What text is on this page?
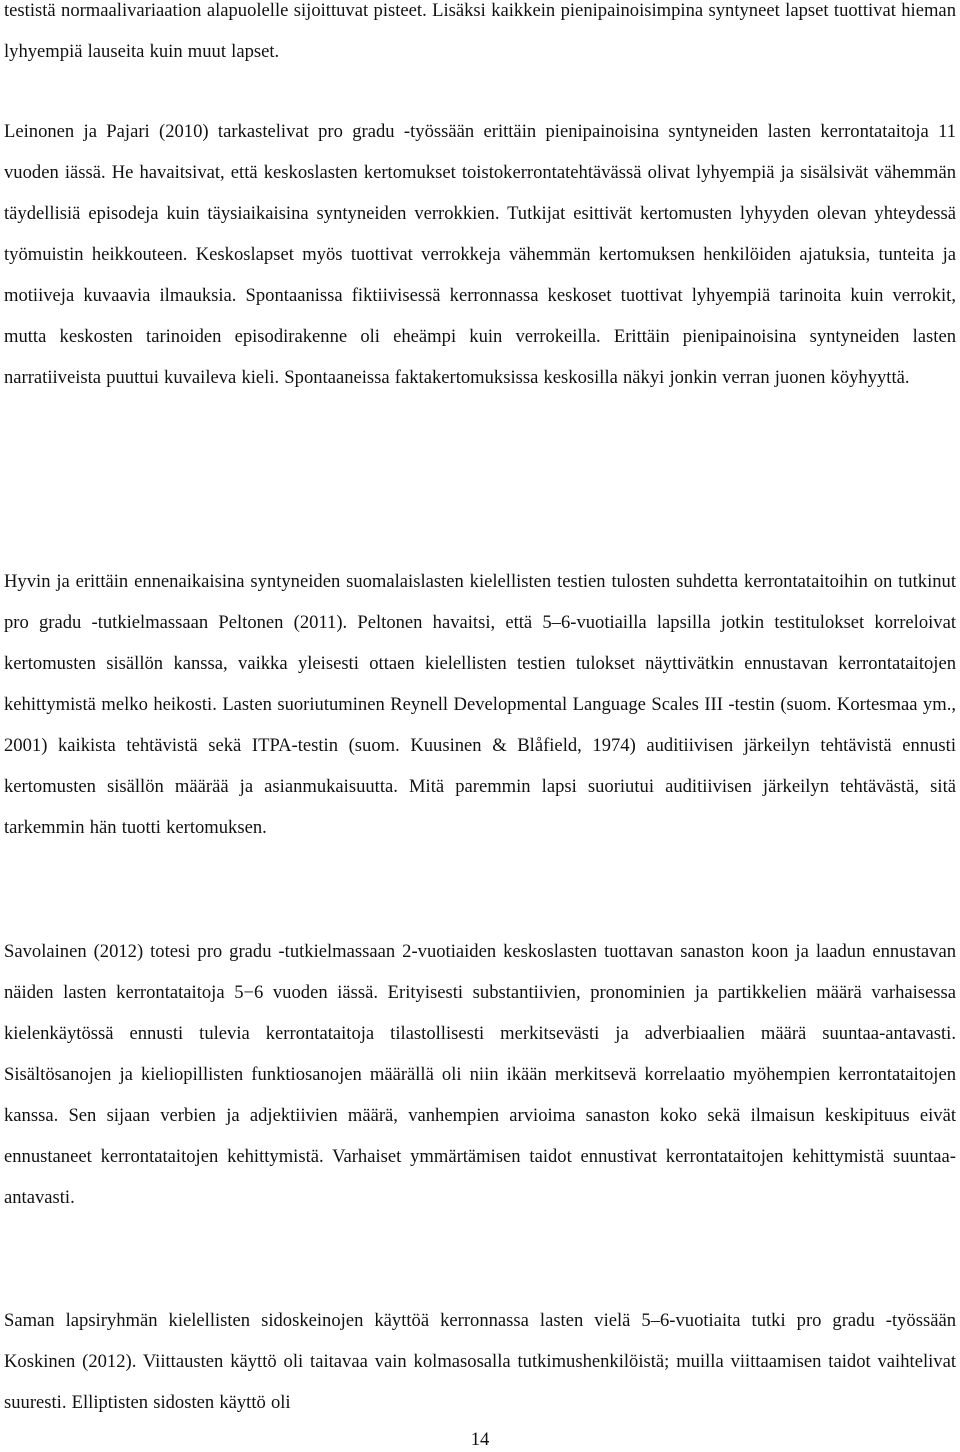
testistä normaalivariaation alapuolelle sijoittuvat pisteet. Lisäksi kaikkein pienipainoisimpina syntyneet lapset tuottivat hieman lyhyempiä lauseita kuin muut lapset.

Leinonen ja Pajari (2010) tarkastelivat pro gradu -työssään erittäin pienipainoisina syntyneiden lasten kerrontataitoja 11 vuoden iässä. He havaitsivat, että keskoslasten kertomukset toistokerrontatehtävässä olivat lyhyempiä ja sisälsivät vähemmän täydellisiä episodeja kuin täysiaikaisina syntyneiden verrokkien. Tutkijat esittivät kertomusten lyhyyden olevan yhteydessä työmuistin heikkouteen. Keskoslapset myös tuottivat verrokkeja vähemmän kertomuksen henkilöiden ajatuksia, tunteita ja motiiveja kuvaavia ilmauksia. Spontaanissa fiktiivisessä kerronnassa keskoset tuottivat lyhyempiä tarinoita kuin verrokit, mutta keskosten tarinoiden episodirakenne oli eheämpi kuin verrokeilla. Erittäin pienipainoisina syntyneiden lasten narratiiveista puuttui kuvaileva kieli. Spontaaneissa faktakertomuksissa keskosilla näkyi jonkin verran juonen köyhyyttä.

Hyvin ja erittäin ennenaikaisina syntyneiden suomalaislasten kielellisten testien tulosten suhdetta kerrontataitoihin on tutkinut pro gradu -tutkielmassaan Peltonen (2011). Peltonen havaitsi, että 5–6-vuotiailla lapsilla jotkin testitulokset korreloivat kertomusten sisällön kanssa, vaikka yleisesti ottaen kielellisten testien tulokset näyttivätkin ennustavan kerrontataitojen kehittymistä melko heikosti. Lasten suoriutuminen Reynell Developmental Language Scales III -testin (suom. Kortesmaa ym., 2001) kaikista tehtävistä sekä ITPA-testin (suom. Kuusinen & Blåfield, 1974) auditiivisen järkeilyn tehtävistä ennusti kertomusten sisällön määrää ja asianmukaisuutta. Mitä paremmin lapsi suoriutui auditiivisen järkeilyn tehtävästä, sitä tarkemmin hän tuotti kertomuksen.

Savolainen (2012) totesi pro gradu -tutkielmassaan 2-vuotiaiden keskoslasten tuottavan sanaston koon ja laadun ennustavan näiden lasten kerrontataitoja 5−6 vuoden iässä. Erityisesti substantiivien, pronominien ja partikkelien määrä varhaisessa kielenkäytössä ennusti tulevia kerrontataitoja tilastollisesti merkitsevästi ja adverbiaalien määrä suuntaa-antavasti. Sisältösanojen ja kieliopillisten funktiosanojen määrällä oli niin ikään merkitsevä korrelaatio myöhempien kerrontataitojen kanssa. Sen sijaan verbien ja adjektiivien määrä, vanhempien arvioima sanaston koko sekä ilmaisun keskipituus eivät ennustaneet kerrontataitojen kehittymistä. Varhaiset ymmärtämisen taidot ennustivat kerrontataitojen kehittymistä suuntaa-antavasti.

Saman lapsiryhmän kielellisten sidoskeinojen käyttöä kerronnassa lasten vielä 5–6-vuotiaita tutki pro gradu -työssään Koskinen (2012). Viittausten käyttö oli taitavaa vain kolmasosalla tutkimushenkilöistä; muilla viittaamisen taidot vaihtelivat suuresti. Elliptisten sidosten käyttö oli

14
